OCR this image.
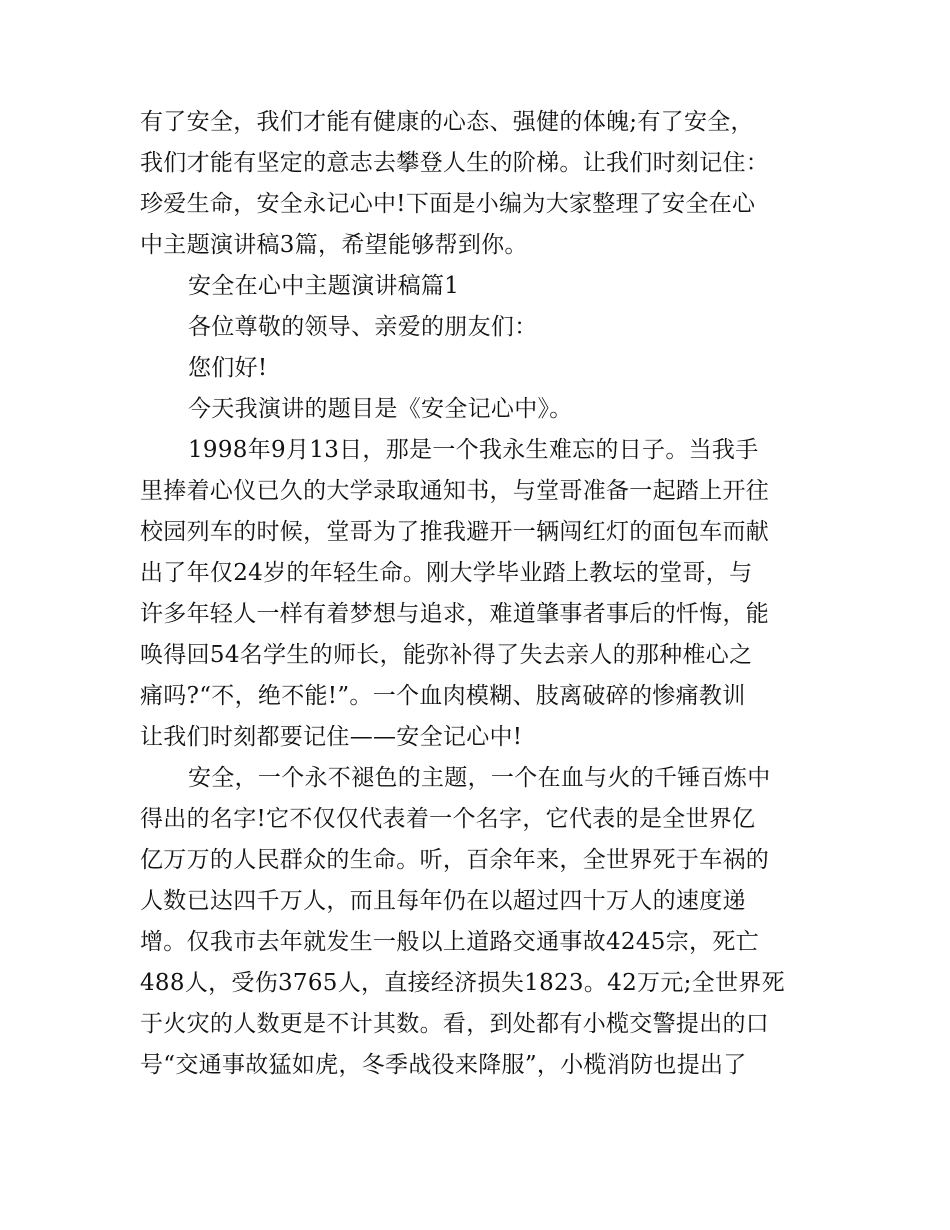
有了安全，我们才能有健康的心态、强健的体魄;有了安全，
我们才能有坚定的意志去攀登人生的阶梯。让我们时刻记住：
珍爱生命，安全永记心中!下面是小编为大家整理了安全在心
中主题演讲稿3篇，希望能够帮到你。
安全在心中主题演讲稿篇1
各位尊敬的领导、亲爱的朋友们：
您们好!
今天我演讲的题目是《安全记心中》。
1998年9月13日，那是一个我永生难忘的日子。当我手
里捧着心仪已久的大学录取通知书，与堂哥准备一起踏上开往
校园列车的时候，堂哥为了推我避开一辆闯红灯的面包车而献
出了年仅24岁的年轻生命。刚大学毕业踏上教坛的堂哥，与
许多年轻人一样有着梦想与追求，难道肇事者事后的忏悔，能
唤得回54名学生的师长，能弥补得了失去亲人的那种椎心之
痛吗?“不，绝不能!”。一个血肉模糊、肢离破碎的惨痛教训
让我们时刻都要记住——安全记心中!
安全，一个永不褪色的主题，一个在血与火的千锤百炼中
得出的名字!它不仅仅代表着一个名字，它代表的是全世界亿
亿万万的人民群众的生命。听，百余年来，全世界死于车祸的
人数已达四千万人，而且每年仍在以超过四十万人的速度递
增。仅我市去年就发生一般以上道路交通事故4245宗，死亡
488人，受伤3765人，直接经济损失1823。42万元;全世界死
于火灾的人数更是不计其数。看，到处都有小榄交警提出的口
号“交通事故猛如虎，冬季战役来降服”，小榄消防也提出了
